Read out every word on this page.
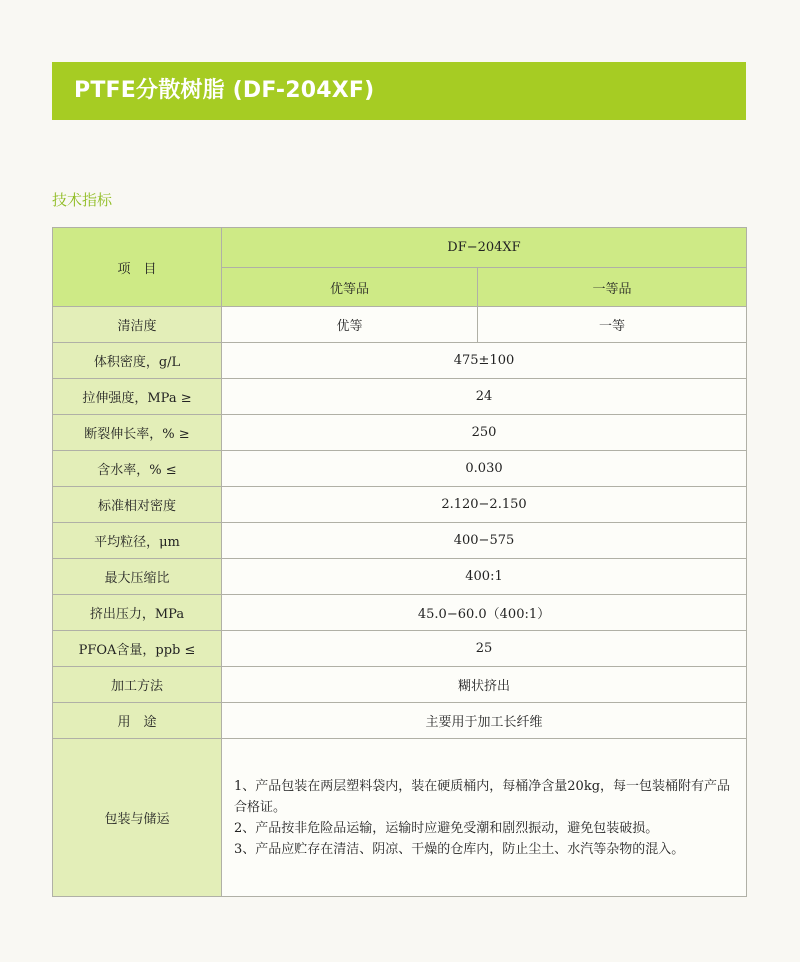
PTFE分散树脂 (DF-204XF)
技术指标
项　目	DF−204XF	
	优等品	一等品
清洁度	优等	一等
体积密度，g/L	475±100	
拉伸强度，MPa ≥	24	
断裂伸长率，% ≥	250	
含水率，% ≤	0.030	
标准相对密度	2.120−2.150	
平均粒径，μm	400−575	
最大压缩比	400:1	
挤出压力，MPa	45.0−60.0（400:1）	
PFOA含量，ppb ≤	25	
加工方法	糊状挤出	
用　途	主要用于加工长纤维	
包装与储运	1、产品包装在两层塑料袋内，装在硬质桶内，每桶净含量20kg，每一包装桶附有产品合格证。
2、产品按非危险品运输，运输时应避免受潮和剧烈振动，避免包装破损。
3、产品应贮存在清洁、阴凉、干燥的仓库内，防止尘土、水汽等杂物的混入。	
